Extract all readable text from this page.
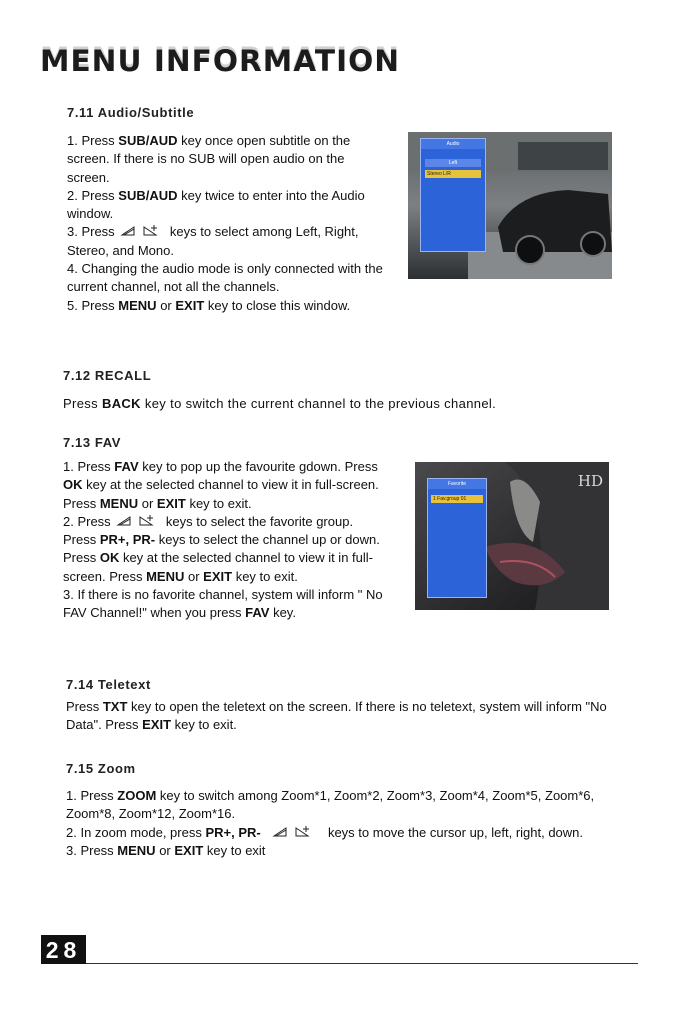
MENU INFORMATION
7.11 Audio/Subtitle

1. Press SUB/AUD key once open subtitle on the screen. If there is no SUB will open audio on the screen.

2. Press SUB/AUD key twice to enter into the Audio window.

3. Press	keys to select among Left, Right, Stereo, and Mono.

4. Changing the audio mode is only connected with the current channel, not all the channels.

5. Press MENU or EXIT key to close this window.

Audio
Left
Stereo L/R
7.12 RECALL

Press BACK key to switch the current channel to the previous channel.

7.13 FAV

1. Press FAV key to pop up the favourite gdown. Press OK key at the selected channel to view it in full-screen. Press MENU or EXIT key to exit.

2. Press	keys to select the favorite group. Press PR+, PR- keys to select the channel up or down. Press OK key at the selected channel to view it in full-screen. Press MENU or EXIT key to exit.

3. If there is no favorite channel, system will inform " No FAV Channel!" when you press FAV key.

HD
Favorite
1 Fav.group 01
7.14 Teletext

Press TXT key to open the teletext on the screen. If there is no teletext, system will inform "No Data". Press EXIT key to exit.

7.15 Zoom

1. Press ZOOM key to switch among Zoom*1, Zoom*2, Zoom*3, Zoom*4, Zoom*5, Zoom*6, Zoom*8, Zoom*12, Zoom*16.

2. In zoom mode, press PR+, PR-	keys to move the cursor up, left, right, down.

3. Press MENU or EXIT key to exit

28
